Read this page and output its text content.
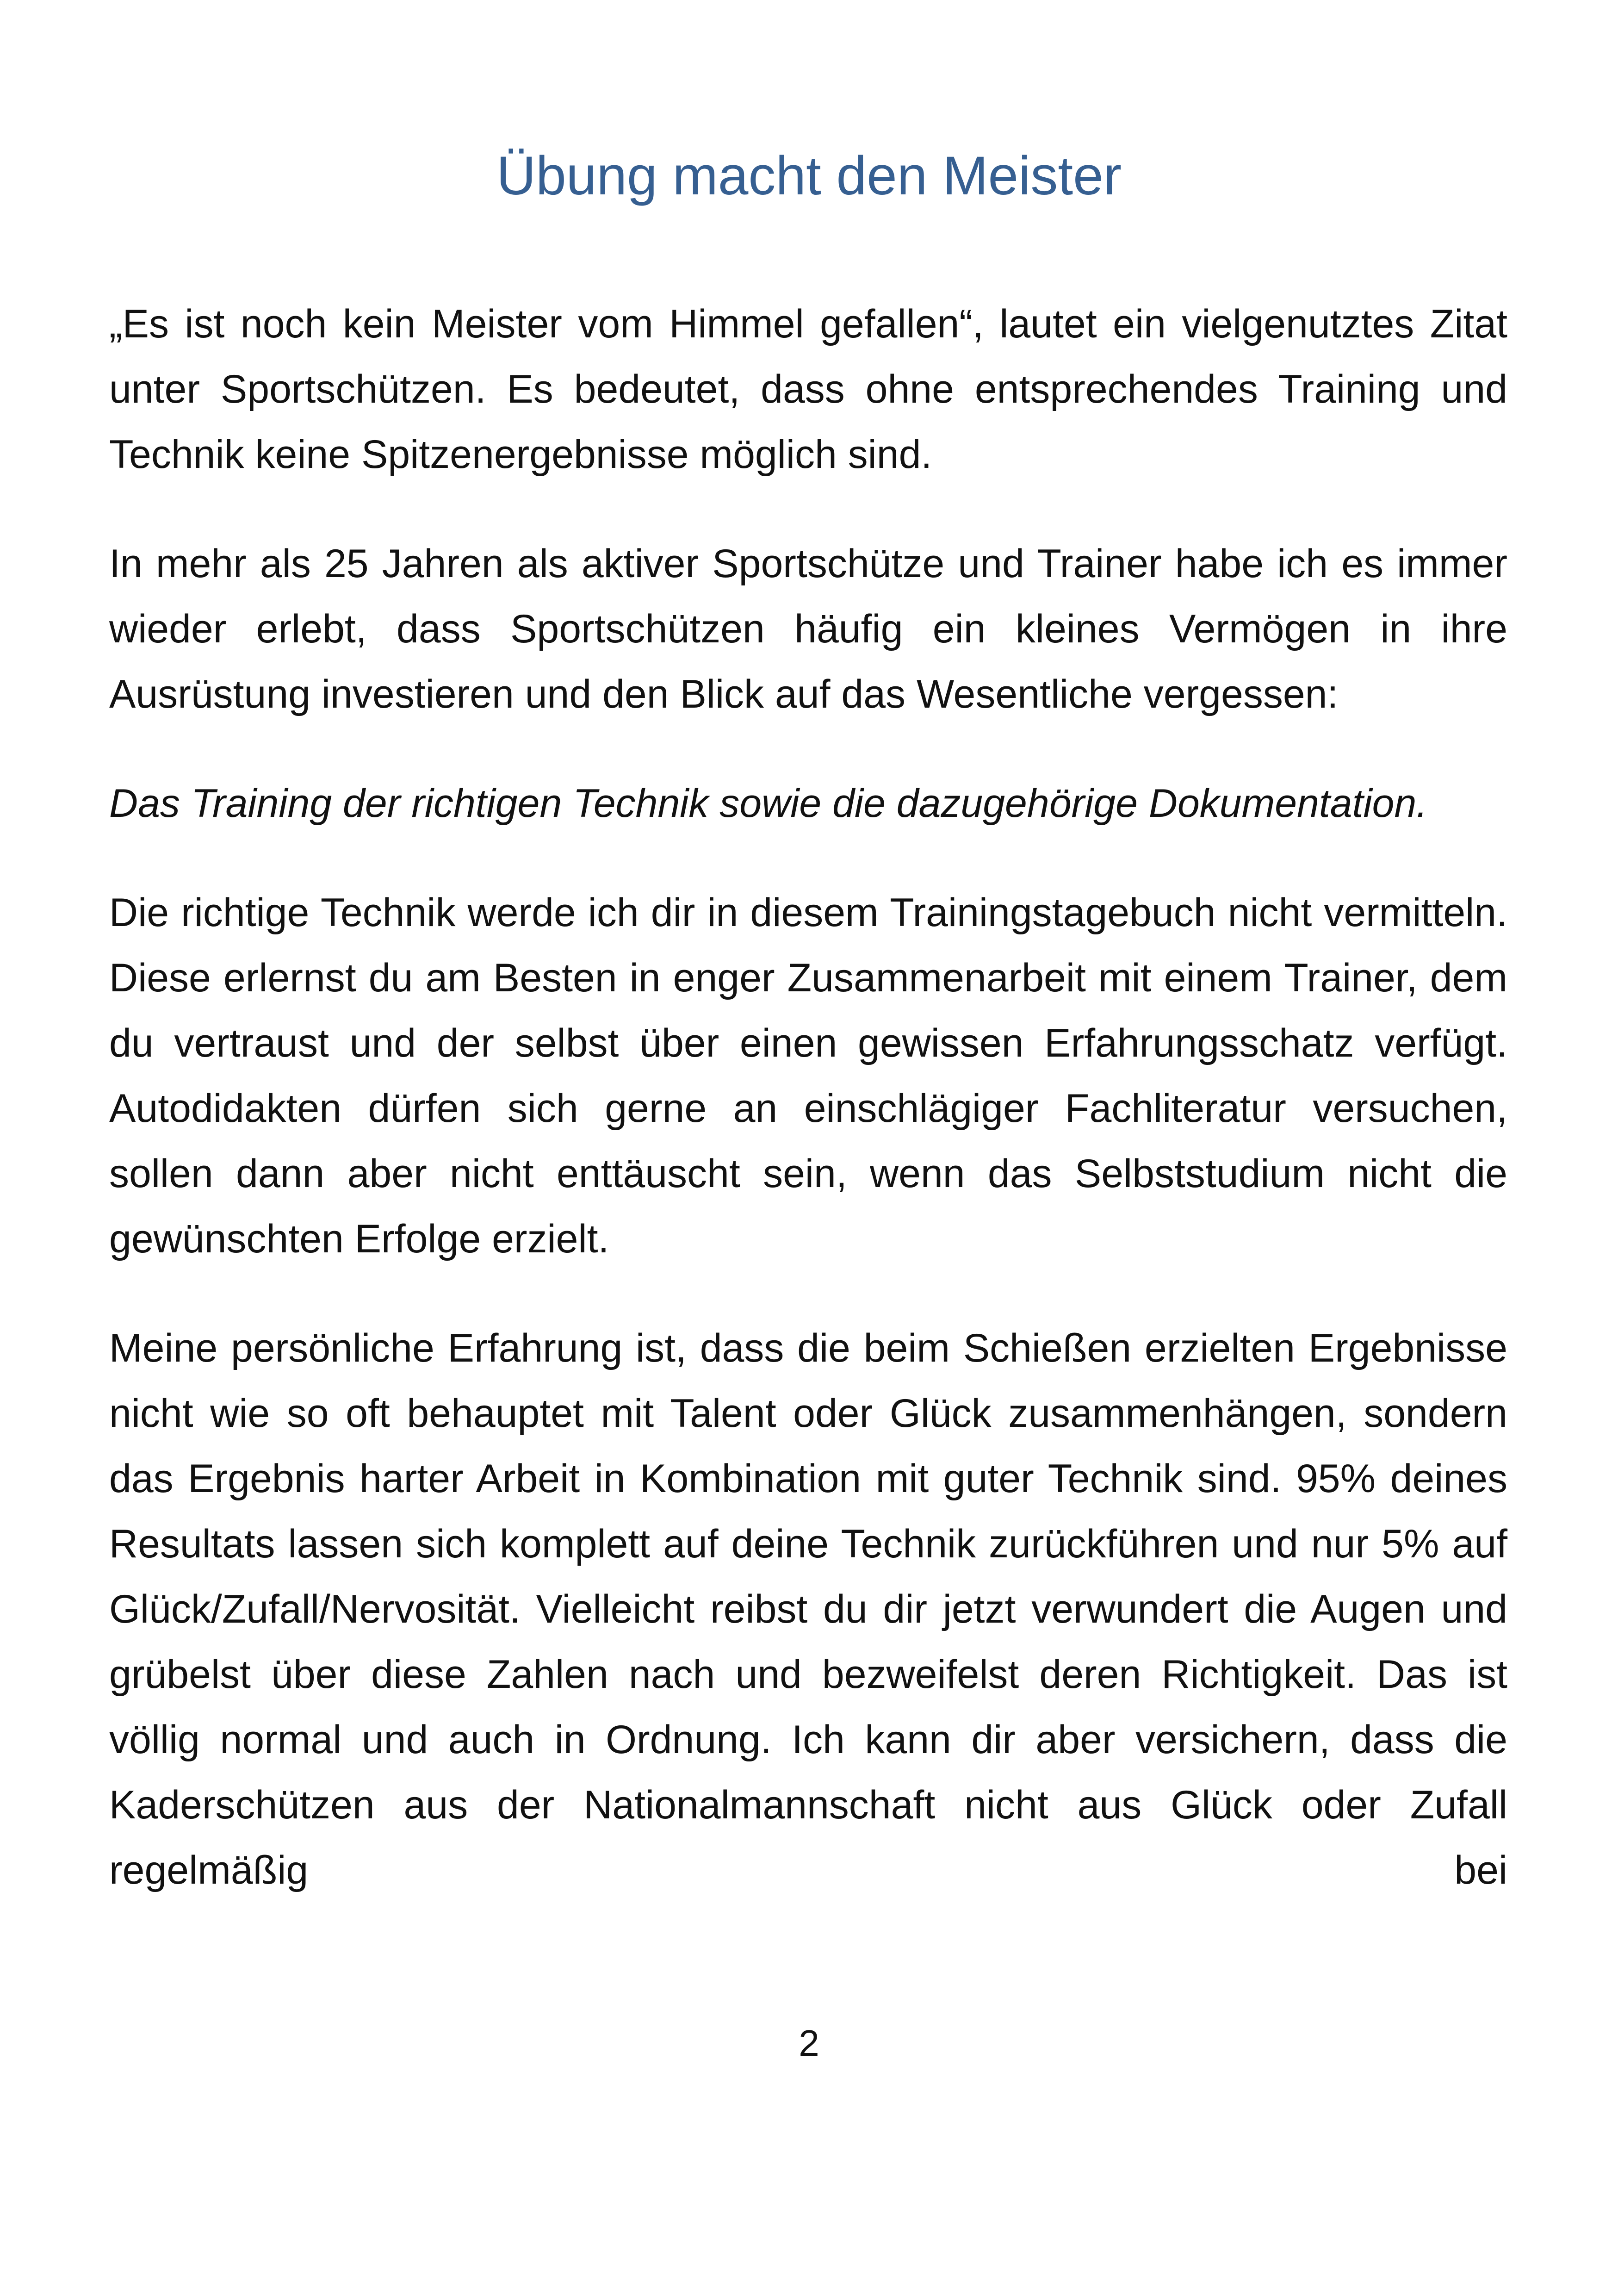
Übung macht den Meister

„Es ist noch kein Meister vom Himmel gefallen“, lautet ein vielgenutztes Zitat unter Sportschützen. Es bedeutet, dass ohne entsprechendes Training und Technik keine Spitzenergebnisse möglich sind.

In mehr als 25 Jahren als aktiver Sportschütze und Trainer habe ich es immer wieder erlebt, dass Sportschützen häufig ein kleines Vermögen in ihre Ausrüstung investieren und den Blick auf das Wesentliche vergessen:

Das Training der richtigen Technik sowie die dazugehörige Dokumentation.

Die richtige Technik werde ich dir in diesem Trainingstagebuch nicht vermitteln. Diese erlernst du am Besten in enger Zusammenarbeit mit einem Trainer, dem du vertraust und der selbst über einen gewissen Erfahrungsschatz verfügt. Autodidakten dürfen sich gerne an einschlägiger Fachliteratur versuchen, sollen dann aber nicht enttäuscht sein, wenn das Selbststudium nicht die gewünschten Erfolge erzielt.

Meine persönliche Erfahrung ist, dass die beim Schießen erzielten Ergebnisse nicht wie so oft behauptet mit Talent oder Glück zusammenhängen, sondern das Ergebnis harter Arbeit in Kombination mit guter Technik sind. 95% deines Resultats lassen sich komplett auf deine Technik zurückführen und nur 5% auf Glück/Zufall/Nervosität. Vielleicht reibst du dir jetzt verwundert die Augen und grübelst über diese Zahlen nach und bezweifelst deren Richtigkeit. Das ist völlig normal und auch in Ordnung. Ich kann dir aber versichern, dass die Kaderschützen aus der Nationalmannschaft nicht aus Glück oder Zufall regelmäßig bei

2
